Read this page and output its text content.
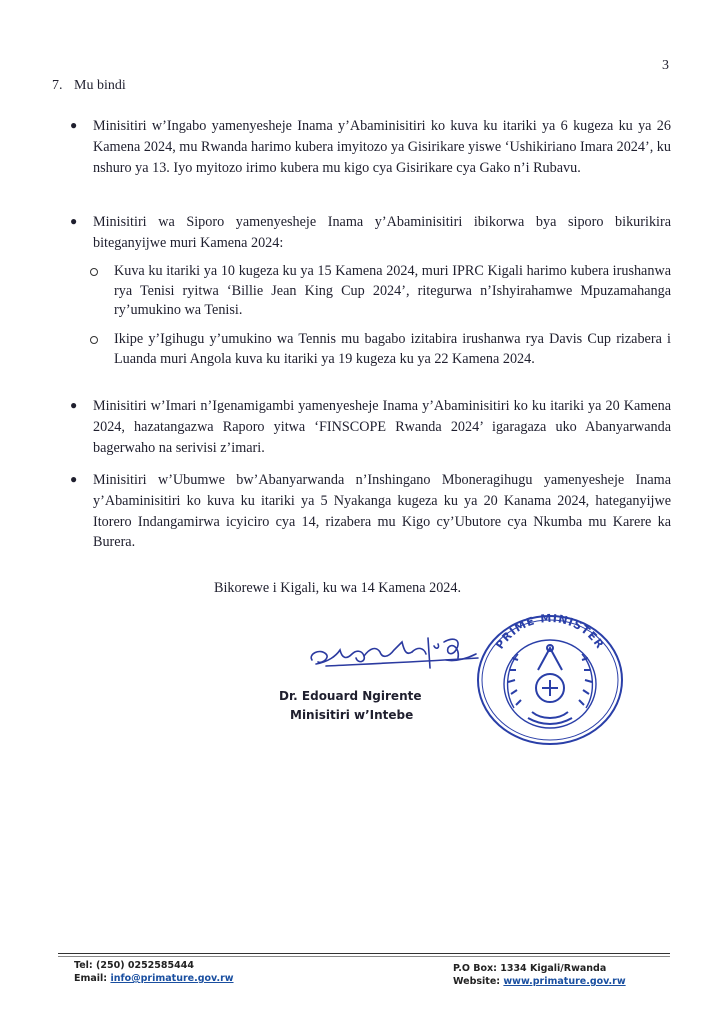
3
7. Mu bindi
● Minisitiri w’Ingabo yamenyesheje Inama y’Abaminisitiri ko kuva ku itariki ya 6 kugeza ku ya 26 Kamena 2024, mu Rwanda harimo kubera imyitozo ya Gisirikare yiswe ‘Ushikiriano Imara 2024’, ku nshuro ya 13. Iyo myitozo irimo kubera mu kigo cya Gisirikare cya Gako n’i Rubavu.
● Minisitiri wa Siporo yamenyesheje Inama y’Abaminisitiri ibikorwa bya siporo bikurikira biteganyijwe muri Kamena 2024:
Kuva ku itariki ya 10 kugeza ku ya 15 Kamena 2024, muri IPRC Kigali harimo kubera irushanwa rya Tenisi ryitwa ‘Billie Jean King Cup 2024’, ritegurwa n’Ishyirahamwe Mpuzamahanga ry’umukino wa Tenisi.
Ikipe y’Igihugu y’umukino wa Tennis mu bagabo izitabira irushanwa rya Davis Cup rizabera i Luanda muri Angola kuva ku itariki ya 19 kugeza ku ya 22 Kamena 2024.
● Minisitiri w’Imari n’Igenamigambi yamenyesheje Inama y’Abaminisitiri ko ku itariki ya 20 Kamena 2024, hazatangazwa Raporo yitwa ‘FINSCOPE Rwanda 2024’ igaragaza uko Abanyarwanda bagerwaho na serivisi z’imari.
● Minisitiri w’Ubumwe bw’Abanyarwanda n’Inshingano Mboneragihugu yamenyesheje Inama y’Abaminisitiri ko kuva ku itariki ya 5 Nyakanga kugeza ku ya 20 Kanama 2024, hateganyijwe Itorero Indangamirwa icyiciro cya 14, rizabera mu Kigo cy’Ubutore cya Nkumba mu Karere ka Burera.
Bikorewe i Kigali, ku wa 14 Kamena 2024.
Dr. Edouard Ngirente
Minisitiri w’Intebe
PRIME MINISTER
Tel: (250) 0252585444
Email: info@primature.gov.rw
P.O Box: 1334 Kigali/Rwanda
Website: www.primature.gov.rw
